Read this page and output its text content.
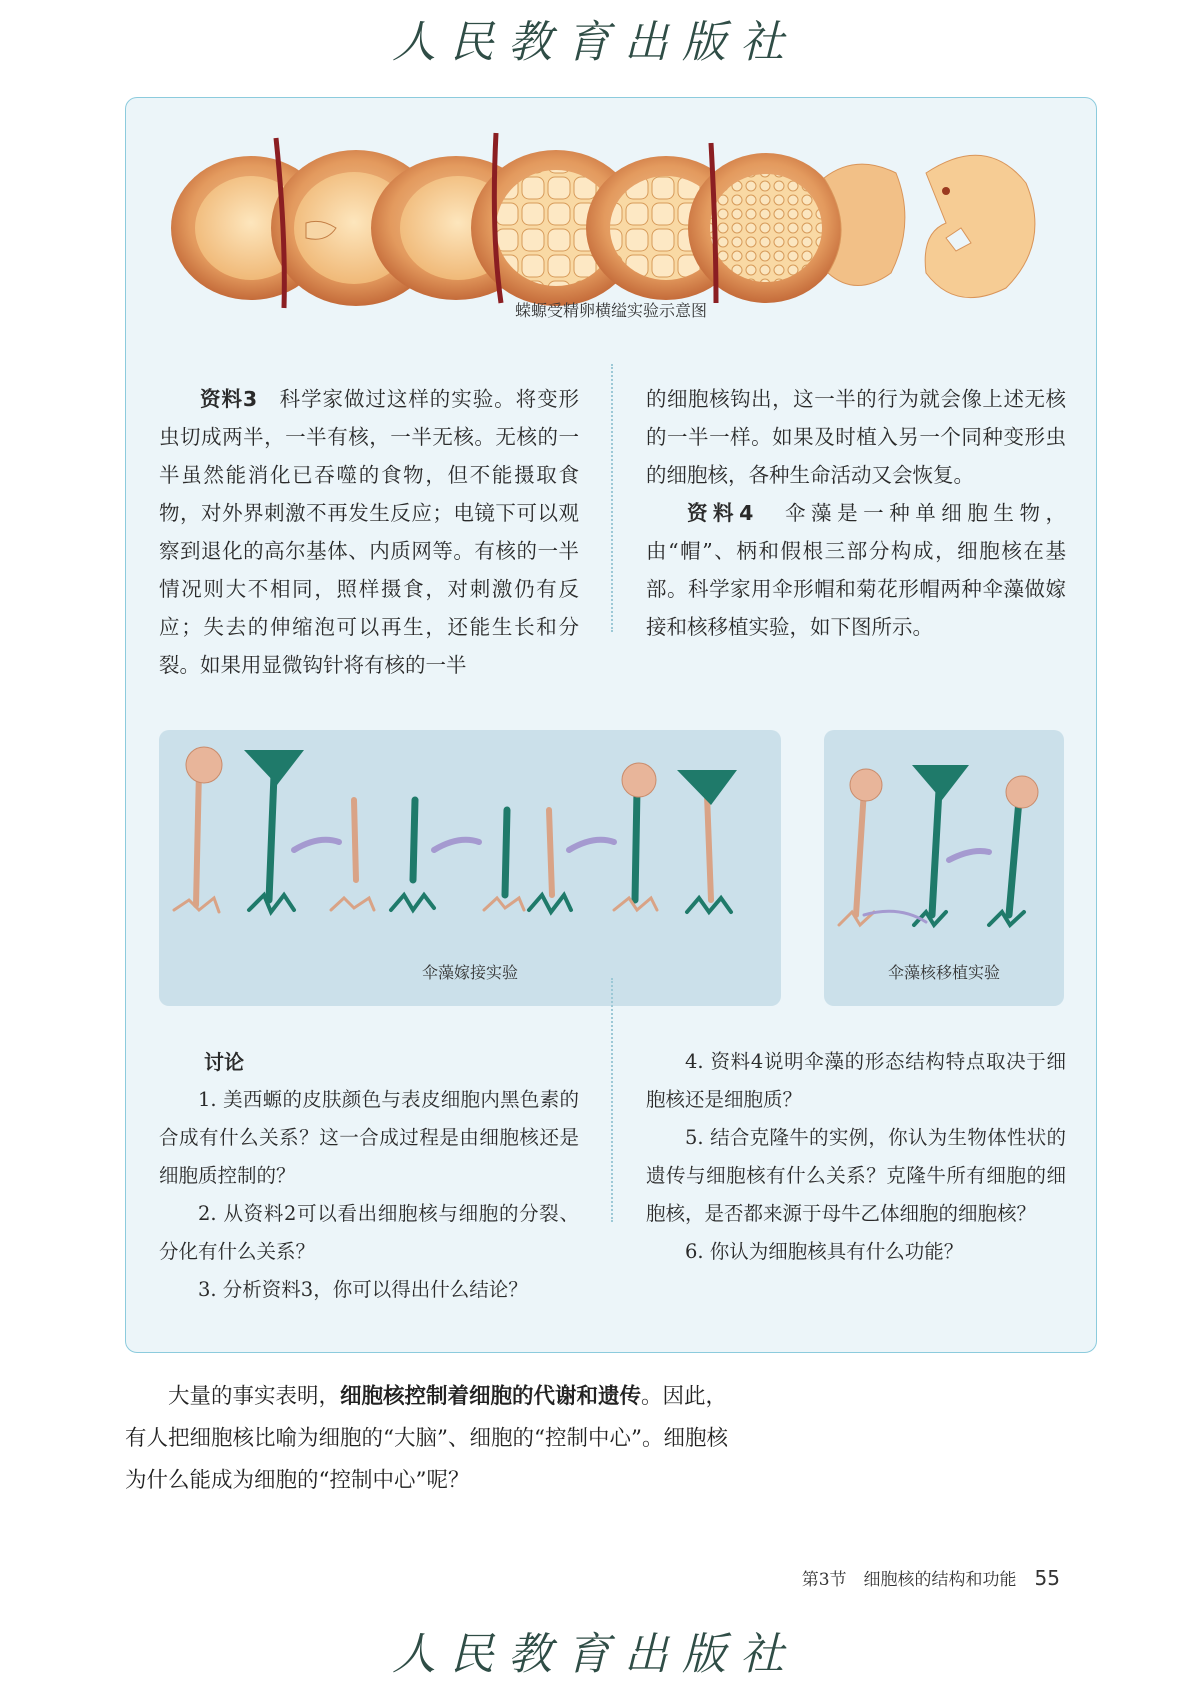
人民教育出版社
蝾螈受精卵横缢实验示意图

资料3　 科学家做过这样的实验。将变形虫切成两半，一半有核，一半无核。无核的一半虽然能消化已吞噬的食物，但不能摄取食物，对外界刺激不再发生反应；电镜下可以观察到退化的高尔基体、内质网等。有核的一半情况则大不相同，照样摄食，对刺激仍有反应；失去的伸缩泡可以再生，还能生长和分裂。如果用显微钩针将有核的一半

的细胞核钩出，这一半的行为就会像上述无核的一半一样。如果及时植入另一个同种变形虫的细胞核，各种生命活动又会恢复。

资料4　 伞藻是一种单细胞生物，由“帽”、柄和假根三部分构成，细胞核在基部。科学家用伞形帽和菊花形帽两种伞藻做嫁接和核移植实验，如下图所示。

伞藻嫁接实验	伞藻核移植实验
讨论

1. 美西螈的皮肤颜色与表皮细胞内黑色素的合成有什么关系？这一合成过程是由细胞核还是细胞质控制的？

2. 从资料2可以看出细胞核与细胞的分裂、分化有什么关系？

3. 分析资料3，你可以得出什么结论？

4. 资料4说明伞藻的形态结构特点取决于细胞核还是细胞质？

5. 结合克隆牛的实例，你认为生物体性状的遗传与细胞核有什么关系？克隆牛所有细胞的细胞核，是否都来源于母牛乙体细胞的细胞核？

6. 你认为细胞核具有什么功能？

大量的事实表明，细胞核控制着细胞的代谢和遗传。因此，有人把细胞核比喻为细胞的“大脑”、细胞的“控制中心”。细胞核为什么能成为细胞的“控制中心”呢？

第3节　细胞核的结构和功能 55
人民教育出版社
